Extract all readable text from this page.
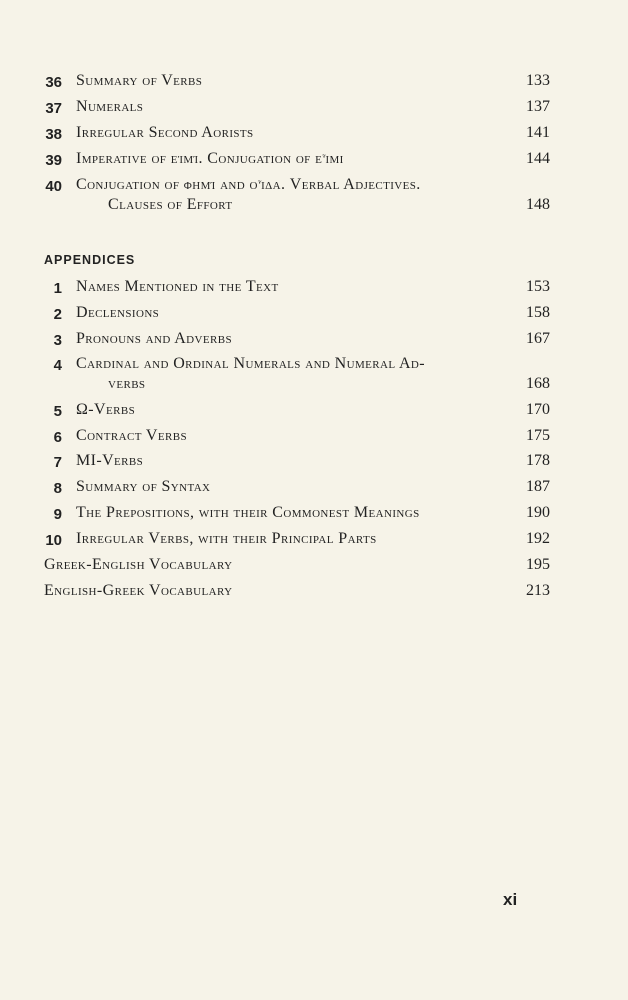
36 Summary of Verbs	133
37 Numerals	137
38 Irregular Second Aorists	141
39 Imperative of εἰμί. Conjugation of εἶμι	144
40 Conjugation of φημί and οἶδα. Verbal Adjectives.
Clauses of Effort	148
APPENDICES
1 Names Mentioned in the Text	153
2 Declensions	158
3 Pronouns and Adverbs	167
4 Cardinal and Ordinal Numerals and Numeral Ad-
verbs	168
5 Ω-Verbs	170
6 Contract Verbs	175
7 MI-Verbs	178
8 Summary of Syntax	187
9 The Prepositions, with their Commonest Meanings	190
10 Irregular Verbs, with their Principal Parts	192
Greek-English Vocabulary	195
English-Greek Vocabulary	213
xi
